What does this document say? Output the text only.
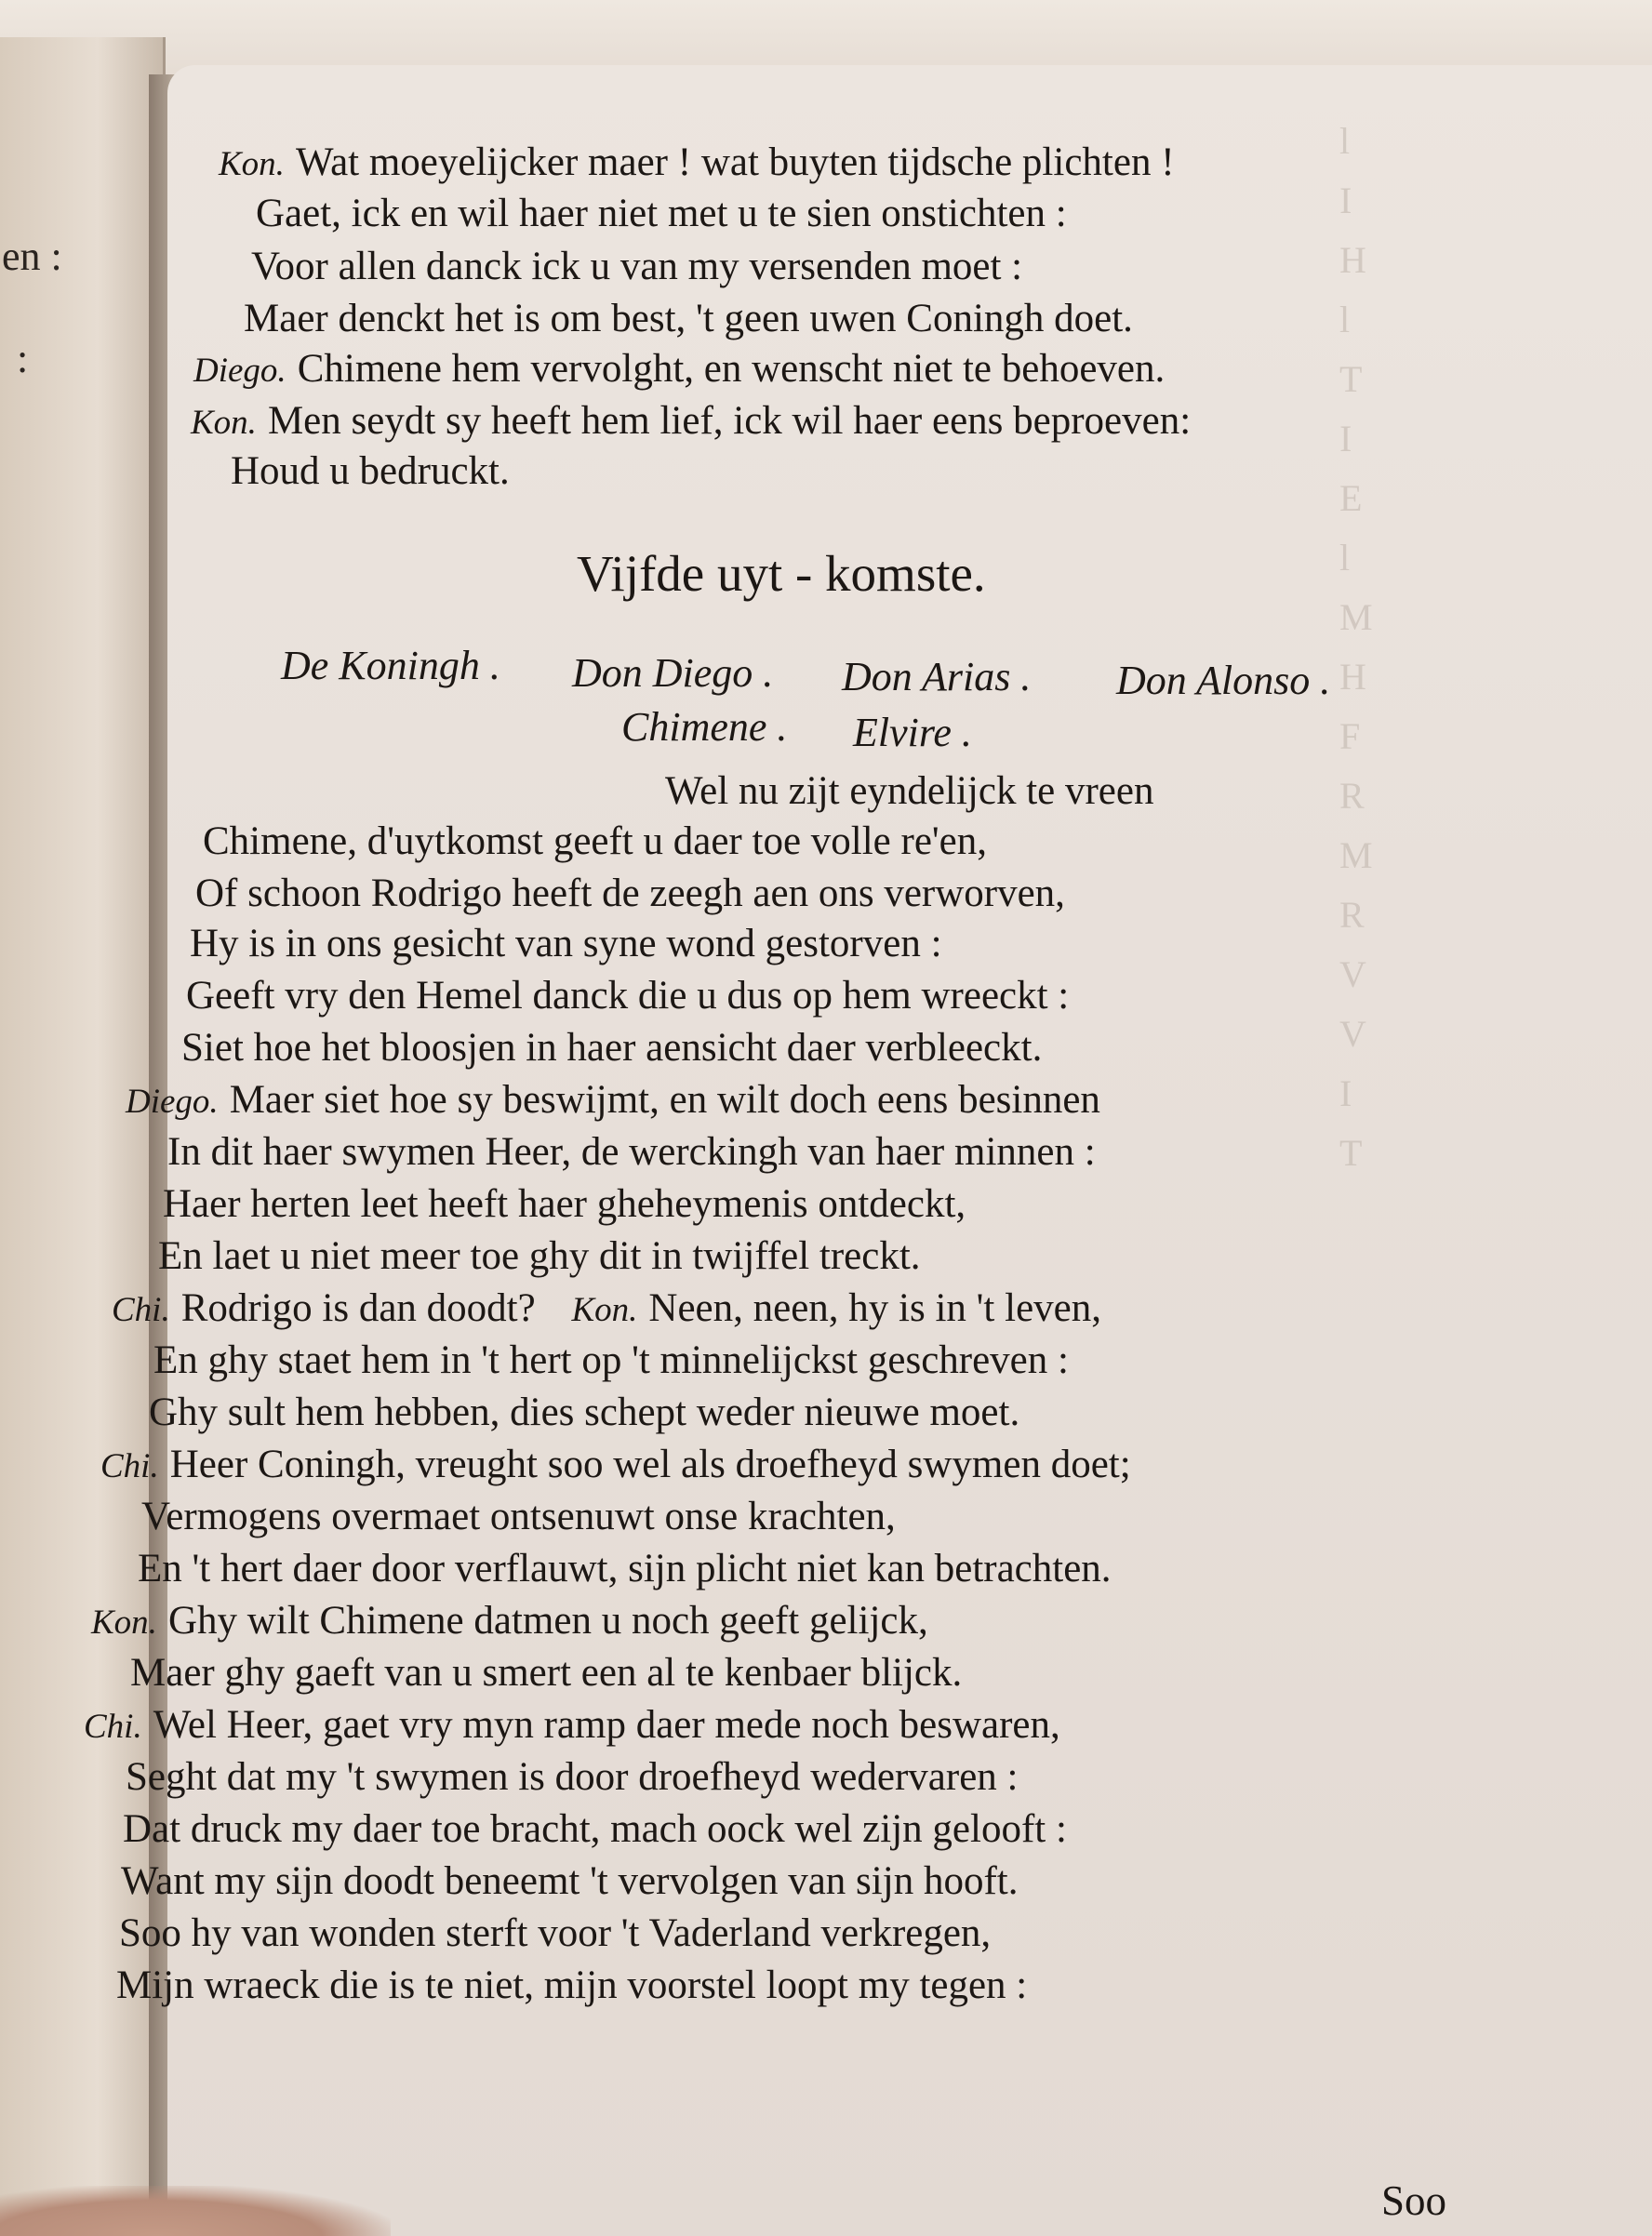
en :
:
l
I
H
l
T
I
E
l
M
H
F
R
M
R
V
V
I
T
Kon. Wat moeyelijcker maer ! wat buyten tijdsche plichten !
Gaet, ick en wil haer niet met u te sien onstichten :
Voor allen danck ick u van my versenden moet :
Maer denckt het is om best, 't geen uwen Coningh doet.
Diego. Chimene hem vervolght, en wenscht niet te behoeven.
Kon. Men seydt sy heeft hem lief, ick wil haer eens beproeven:
Houd u bedruckt.
Vijfde uyt - komste.
De Koningh . Don Diego . Don Arias . Don Alonso .
Chimene . Elvire .
Wel nu zijt eyndelijck te vreen
Chimene, d'uytkomst geeft u daer toe volle re'en,
Of schoon Rodrigo heeft de zeegh aen ons verworven,
Hy is in ons gesicht van syne wond gestorven :
Geeft vry den Hemel danck die u dus op hem wreeckt :
Siet hoe het bloosjen in haer aensicht daer verbleeckt.
Diego. Maer siet hoe sy beswijmt, en wilt doch eens besinnen
In dit haer swymen Heer, de werckingh van haer minnen :
Haer herten leet heeft haer gheheymenis ontdeckt,
En laet u niet meer toe ghy dit in twijffel treckt.
Chi. Rodrigo is dan doodt? Kon. Neen, neen, hy is in 't leven,
En ghy staet hem in 't hert op 't minnelijckst geschreven :
Ghy sult hem hebben, dies schept weder nieuwe moet.
Chi. Heer Coningh, vreught soo wel als droefheyd swymen doet;
Vermogens overmaet ontsenuwt onse krachten,
En 't hert daer door verflauwt, sijn plicht niet kan betrachten.
Kon. Ghy wilt Chimene datmen u noch geeft gelijck,
Maer ghy gaeft van u smert een al te kenbaer blijck.
Chi. Wel Heer, gaet vry myn ramp daer mede noch beswaren,
Seght dat my 't swymen is door droefheyd wedervaren :
Dat druck my daer toe bracht, mach oock wel zijn gelooft :
Want my sijn doodt beneemt 't vervolgen van sijn hooft.
Soo hy van wonden sterft voor 't Vaderland verkregen,
Mijn wraeck die is te niet, mijn voorstel loopt my tegen :
Soo
